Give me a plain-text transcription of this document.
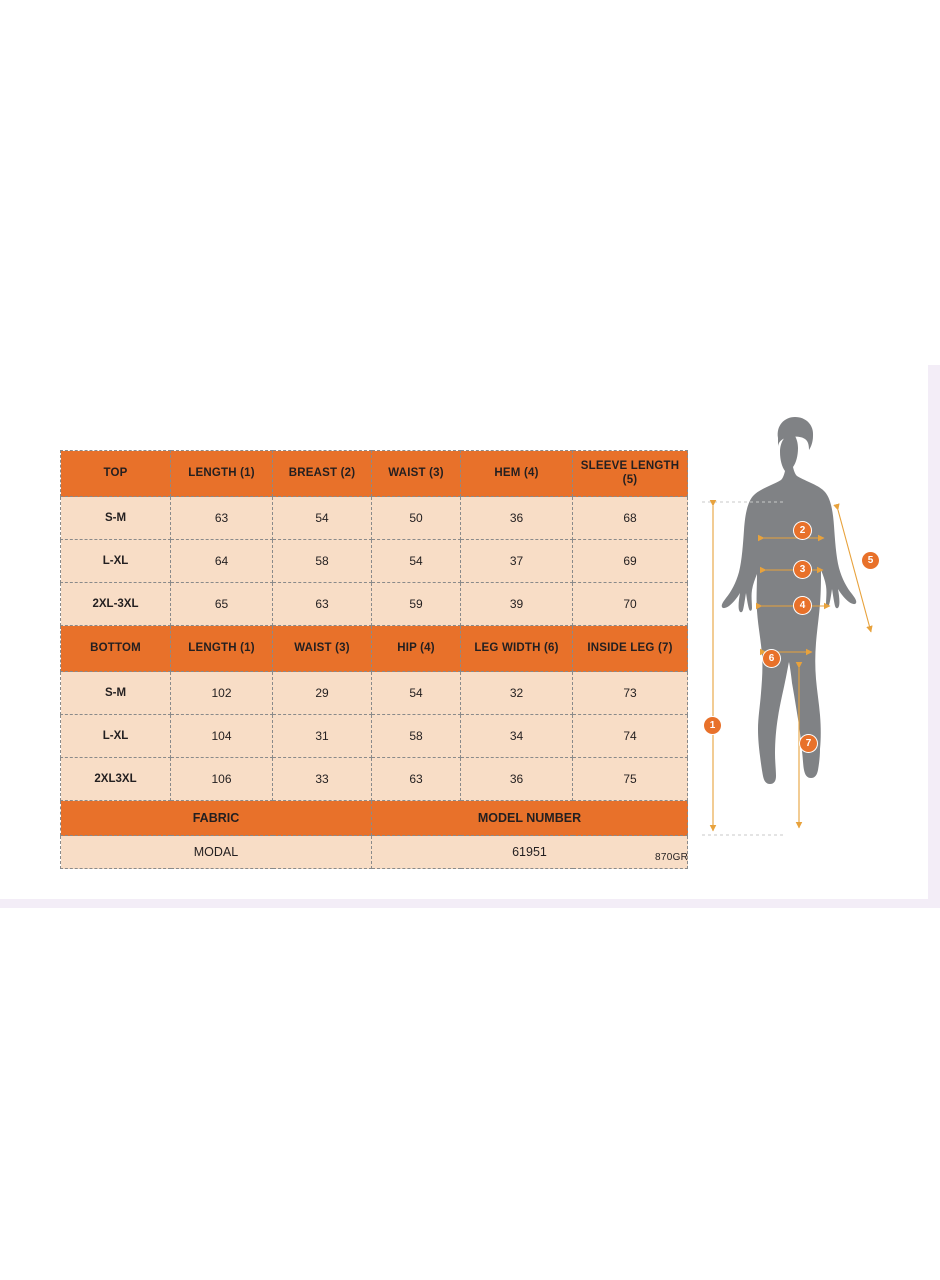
TOP	LENGTH (1)	BREAST (2)	WAIST (3)	HEM (4)	SLEEVE LENGTH (5)
S-M	63	54	50	36	68
L-XL	64	58	54	37	69
2XL-3XL	65	63	59	39	70
BOTTOM	LENGTH (1)	WAIST (3)	HIP (4)	LEG WIDTH (6)	INSIDE LEG (7)
S-M	102	29	54	32	73
L-XL	104	31	58	34	74
2XL3XL	106	33	63	36	75
FABRIC			MODEL NUMBER		
MODAL			61951			870GR
1
2
3
4
5
6
7
